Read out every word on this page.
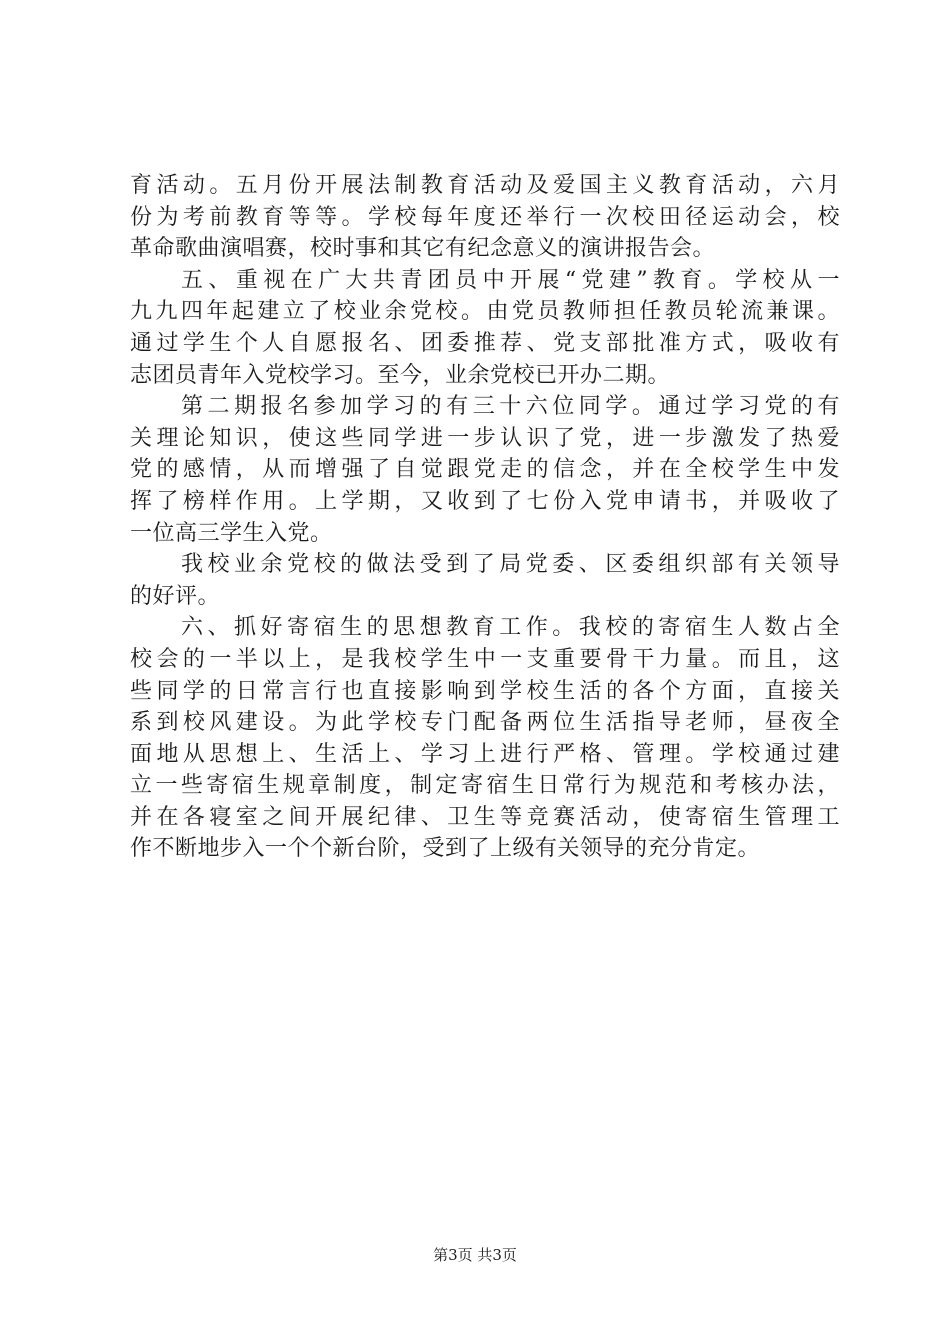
育活动。五月份开展法制教育活动及爱国主义教育活动，六月
份为考前教育等等。学校每年度还举行一次校田径运动会，校
革命歌曲演唱赛，校时事和其它有纪念意义的演讲报告会。
五、重视在广大共青团员中开展“党建”教育。学校从一
九九四年起建立了校业余党校。由党员教师担任教员轮流兼课。
通过学生个人自愿报名、团委推荐、党支部批准方式，吸收有
志团员青年入党校学习。至今，业余党校已开办二期。
第二期报名参加学习的有三十六位同学。通过学习党的有
关理论知识，使这些同学进一步认识了党，进一步激发了热爱
党的感情，从而增强了自觉跟党走的信念，并在全校学生中发
挥了榜样作用。上学期，又收到了七份入党申请书，并吸收了
一位高三学生入党。
我校业余党校的做法受到了局党委、区委组织部有关领导
的好评。
六、抓好寄宿生的思想教育工作。我校的寄宿生人数占全
校会的一半以上，是我校学生中一支重要骨干力量。而且，这
些同学的日常言行也直接影响到学校生活的各个方面，直接关
系到校风建设。为此学校专门配备两位生活指导老师，昼夜全
面地从思想上、生活上、学习上进行严格、管理。学校通过建
立一些寄宿生规章制度，制定寄宿生日常行为规范和考核办法，
并在各寝室之间开展纪律、卫生等竞赛活动，使寄宿生管理工
作不断地步入一个个新台阶，受到了上级有关领导的充分肯定。
第3页 共3页
